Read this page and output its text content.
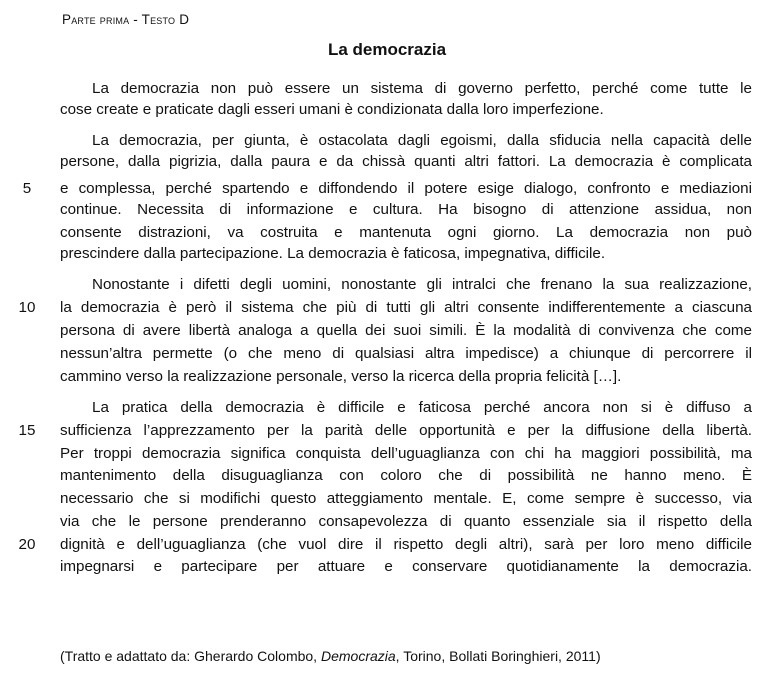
Parte prima - Testo D
La democrazia
La democrazia non può essere un sistema di governo perfetto, perché come tutte le
cose create e praticate dagli esseri umani è condizionata dalla loro imperfezione.
La democrazia, per giunta, è ostacolata dagli egoismi, dalla sfiducia nella capacità delle
persone, dalla pigrizia, dalla paura e da chissà quanti altri fattori. La democrazia è complicata
e complessa, perché spartendo e diffondendo il potere esige dialogo, confronto e mediazioni
continue. Necessita di informazione e cultura. Ha bisogno di attenzione assidua, non
consente distrazioni, va costruita e mantenuta ogni giorno. La democrazia non può
prescindere dalla partecipazione. La democrazia è faticosa, impegnativa, difficile.
Nonostante i difetti degli uomini, nonostante gli intralci che frenano la sua realizzazione,
la democrazia è però il sistema che più di tutti gli altri consente indifferentemente a ciascuna
persona di avere libertà analoga a quella dei suoi simili. È la modalità di convivenza che come
nessun’altra permette (o che meno di qualsiasi altra impedisce) a chiunque di percorrere il
cammino verso la realizzazione personale, verso la ricerca della propria felicità […].
La pratica della democrazia è difficile e faticosa perché ancora non si è diffuso a
sufficienza l’apprezzamento per la parità delle opportunità e per la diffusione della libertà.
Per troppi democrazia significa conquista dell’uguaglianza con chi ha maggiori possibilità, ma
mantenimento della disuguaglianza con coloro che di possibilità ne hanno meno. È
necessario che si modifichi questo atteggiamento mentale. E, come sempre è successo, via
via che le persone prenderanno consapevolezza di quanto essenziale sia il rispetto della
dignità e dell’uguaglianza (che vuol dire il rispetto degli altri), sarà per loro meno difficile
impegnarsi e partecipare per attuare e conservare quotidianamente la democrazia.
5
10
15
20
(Tratto e adattato da: Gherardo Colombo, Democrazia, Torino, Bollati Boringhieri, 2011)
